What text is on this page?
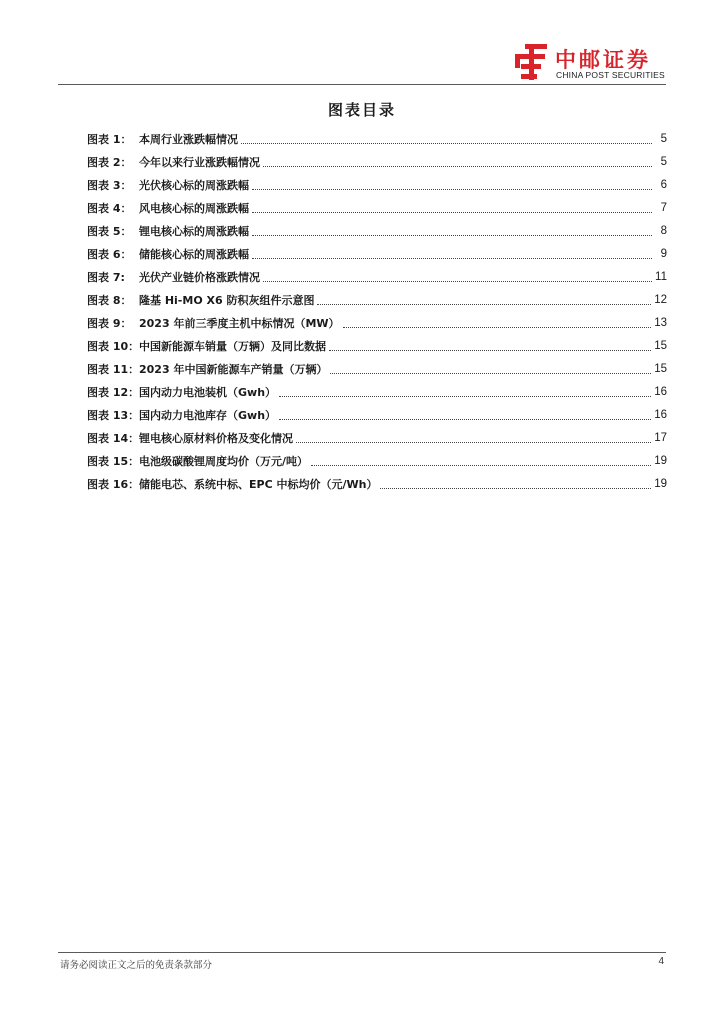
中邮证券
CHINA POST SECURITIES
图表目录
图表 1： 本周行业涨跌幅情况	5
图表 2： 今年以来行业涨跌幅情况	5
图表 3： 光伏核心标的周涨跌幅	6
图表 4： 风电核心标的周涨跌幅	7
图表 5： 锂电核心标的周涨跌幅	8
图表 6： 储能核心标的周涨跌幅	9
图表 7:	光伏产业链价格涨跌情况	11
图表 8： 隆基 Hi-MO X6 防积灰组件示意图	12
图表 9： 2023 年前三季度主机中标情况（MW）	13
图表 10： 中国新能源车销量（万辆）及同比数据	15
图表 11： 2023 年中国新能源车产销量（万辆）	15
图表 12： 国内动力电池装机（Gwh）	16
图表 13： 国内动力电池库存（Gwh）	16
图表 14： 锂电核心原材料价格及变化情况	17
图表 15： 电池级碳酸锂周度均价（万元/吨）	19
图表 16： 储能电芯、系统中标、EPC 中标均价（元/Wh）	19
请务必阅读正文之后的免责条款部分	4
